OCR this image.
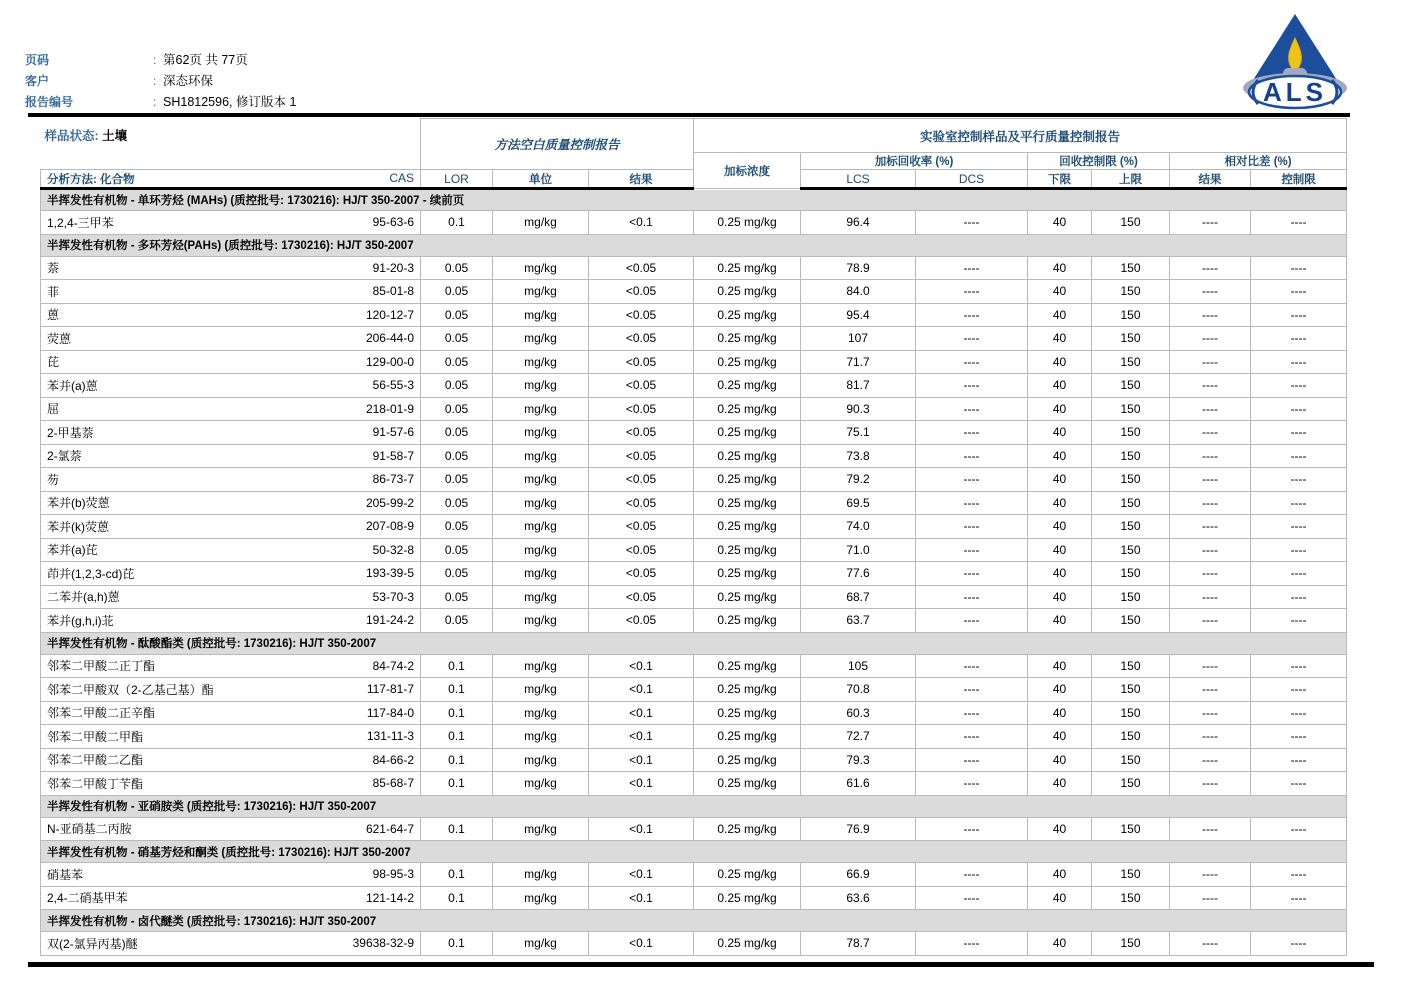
页码	: 第62页 共 77页
客户	: 深态环保
报告编号	: SH1812596, 修订版本 1	ALS
样品状态: 土壤	方法空白质量控制报告			实验室控制样品及平行质量控制报告						
				加标浓度	加标回收率 (%)		回收控制限 (%)		相对比差 (%)	

分析方法: 化合物 CAS	LOR	单位	结果		LCS	DCS	下限	上限	结果	控制限
半挥发性有机物 - 单环芳烃 (MAHs) (质控批号: 1730216): HJ/T 350-2007 - 续前页										

1,2,4-三甲苯 95-63-6	0.1	mg/kg	<0.1	0.25 mg/kg	96.4	----	40	150	----	----
半挥发性有机物 - 多环芳烃(PAHs) (质控批号: 1730216): HJ/T 350-2007										

萘 91-20-3	0.05	mg/kg	<0.05	0.25 mg/kg	78.9	----	40	150	----	----

菲 85-01-8	0.05	mg/kg	<0.05	0.25 mg/kg	84.0	----	40	150	----	----

蒽 120-12-7	0.05	mg/kg	<0.05	0.25 mg/kg	95.4	----	40	150	----	----

荧蒽 206-44-0	0.05	mg/kg	<0.05	0.25 mg/kg	107	----	40	150	----	----

芘 129-00-0	0.05	mg/kg	<0.05	0.25 mg/kg	71.7	----	40	150	----	----

苯并(a)蒽 56-55-3	0.05	mg/kg	<0.05	0.25 mg/kg	81.7	----	40	150	----	----

屈 218-01-9	0.05	mg/kg	<0.05	0.25 mg/kg	90.3	----	40	150	----	----

2-甲基萘 91-57-6	0.05	mg/kg	<0.05	0.25 mg/kg	75.1	----	40	150	----	----

2-氯萘 91-58-7	0.05	mg/kg	<0.05	0.25 mg/kg	73.8	----	40	150	----	----

芴 86-73-7	0.05	mg/kg	<0.05	0.25 mg/kg	79.2	----	40	150	----	----

苯并(b)荧蒽 205-99-2	0.05	mg/kg	<0.05	0.25 mg/kg	69.5	----	40	150	----	----

苯并(k)荧蒽 207-08-9	0.05	mg/kg	<0.05	0.25 mg/kg	74.0	----	40	150	----	----

苯并(a)芘 50-32-8	0.05	mg/kg	<0.05	0.25 mg/kg	71.0	----	40	150	----	----

茚并(1,2,3-cd)芘 193-39-5	0.05	mg/kg	<0.05	0.25 mg/kg	77.6	----	40	150	----	----

二苯并(a,h)蒽 53-70-3	0.05	mg/kg	<0.05	0.25 mg/kg	68.7	----	40	150	----	----

苯并(g,h,i)苝 191-24-2	0.05	mg/kg	<0.05	0.25 mg/kg	63.7	----	40	150	----	----
半挥发性有机物 - 酞酸酯类 (质控批号: 1730216): HJ/T 350-2007										

邻苯二甲酸二正丁酯 84-74-2	0.1	mg/kg	<0.1	0.25 mg/kg	105	----	40	150	----	----

邻苯二甲酸双（2-乙基己基）酯 117-81-7	0.1	mg/kg	<0.1	0.25 mg/kg	70.8	----	40	150	----	----

邻苯二甲酸二正辛酯 117-84-0	0.1	mg/kg	<0.1	0.25 mg/kg	60.3	----	40	150	----	----

邻苯二甲酸二甲酯 131-11-3	0.1	mg/kg	<0.1	0.25 mg/kg	72.7	----	40	150	----	----

邻苯二甲酸二乙酯 84-66-2	0.1	mg/kg	<0.1	0.25 mg/kg	79.3	----	40	150	----	----

邻苯二甲酸丁苄酯 85-68-7	0.1	mg/kg	<0.1	0.25 mg/kg	61.6	----	40	150	----	----
半挥发性有机物 - 亚硝胺类 (质控批号: 1730216): HJ/T 350-2007										

N-亚硝基二丙胺 621-64-7	0.1	mg/kg	<0.1	0.25 mg/kg	76.9	----	40	150	----	----
半挥发性有机物 - 硝基芳烃和酮类 (质控批号: 1730216): HJ/T 350-2007										

硝基苯 98-95-3	0.1	mg/kg	<0.1	0.25 mg/kg	66.9	----	40	150	----	----

2,4-二硝基甲苯 121-14-2	0.1	mg/kg	<0.1	0.25 mg/kg	63.6	----	40	150	----	----
半挥发性有机物 - 卤代醚类 (质控批号: 1730216): HJ/T 350-2007										

双(2-氯异丙基)醚 39638-32-9	0.1	mg/kg	<0.1	0.25 mg/kg	78.7	----	40	150	----	----
